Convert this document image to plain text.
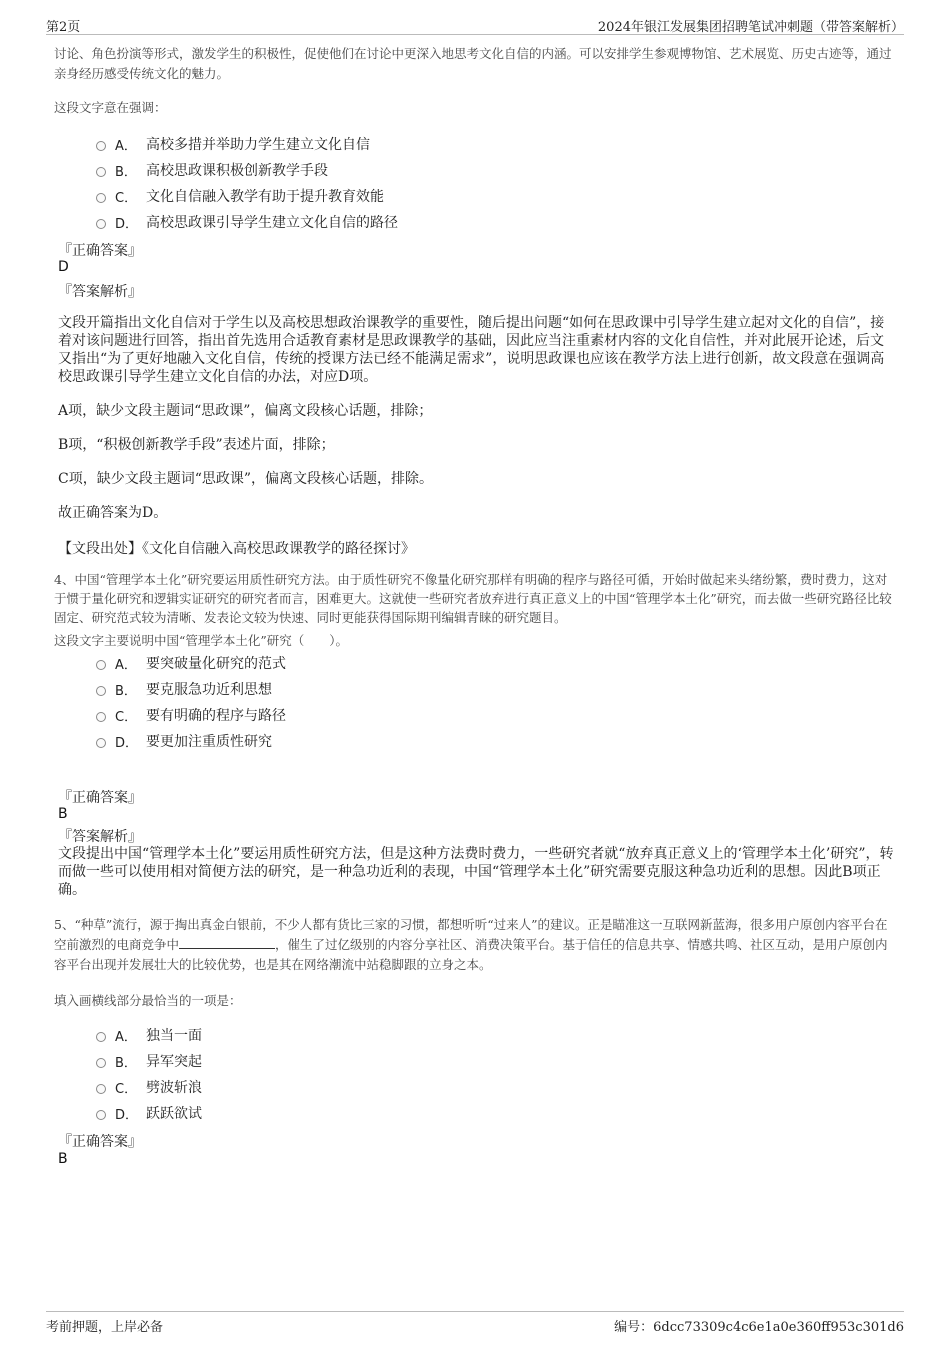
第2页	2024年银江发展集团招聘笔试冲刺题（带答案解析）

讨论、角色扮演等形式，激发学生的积极性，促使他们在讨论中更深入地思考文化自信的内涵。可以安排学生参观博物馆、艺术展览、历史古迹等，通过亲身经历感受传统文化的魅力。

这段文字意在强调：

A． 高校多措并举助力学生建立文化自信
B． 高校思政课积极创新教学手段
C． 文化自信融入教学有助于提升教育效能
D． 高校思政课引导学生建立文化自信的路径
『正确答案』
D
『答案解析』

文段开篇指出文化自信对于学生以及高校思想政治课教学的重要性，随后提出问题“如何在思政课中引导学生建立起对文化的自信”，接着对该问题进行回答，指出首先选用合适教育素材是思政课教学的基础，因此应当注重素材内容的文化自信性，并对此展开论述，后文又指出“为了更好地融入文化自信，传统的授课方法已经不能满足需求”，说明思政课也应该在教学方法上进行创新，故文段意在强调高校思政课引导学生建立文化自信的办法，对应D项。

A项，缺少文段主题词“思政课”，偏离文段核心话题，排除；

B项，“积极创新教学手段”表述片面，排除；

C项，缺少文段主题词“思政课”，偏离文段核心话题，排除。

故正确答案为D。

【文段出处】《文化自信融入高校思政课教学的路径探讨》

4、中国“管理学本土化”研究要运用质性研究方法。由于质性研究不像量化研究那样有明确的程序与路径可循，开始时做起来头绪纷繁，费时费力，这对于惯于量化研究和逻辑实证研究的研究者而言，困难更大。这就使一些研究者放弃进行真正意义上的中国“管理学本土化”研究，而去做一些研究路径比较固定、研究范式较为清晰、发表论文较为快速、同时更能获得国际期刊编辑青睐的研究题目。

这段文字主要说明中国“管理学本土化”研究（　　）。

A． 要突破量化研究的范式
B． 要克服急功近利思想
C． 要有明确的程序与路径
D． 要更加注重质性研究
『正确答案』
B
『答案解析』

文段提出中国“管理学本土化”要运用质性研究方法，但是这种方法费时费力，一些研究者就“放弃真正意义上的‘管理学本土化’研究”，转而做一些可以使用相对简便方法的研究，是一种急功近利的表现，中国“管理学本土化”研究需要克服这种急功近利的思想。因此B项正确。

5、“种草”流行，源于掏出真金白银前，不少人都有货比三家的习惯，都想听听“过来人”的建议。正是瞄准这一互联网新蓝海，很多用户原创内容平台在空前激烈的电商竞争中	，催生了过亿级别的内容分享社区、消费决策平台。基于信任的信息共享、情感共鸣、社区互动，是用户原创内容平台出现并发展壮大的比较优势，也是其在网络潮流中站稳脚跟的立身之本。

填入画横线部分最恰当的一项是：

A． 独当一面
B． 异军突起
C． 劈波斩浪
D． 跃跃欲试
『正确答案』
B
考前押题，上岸必备	编号：6dcc73309c4c6e1a0e360ff953c301d6
